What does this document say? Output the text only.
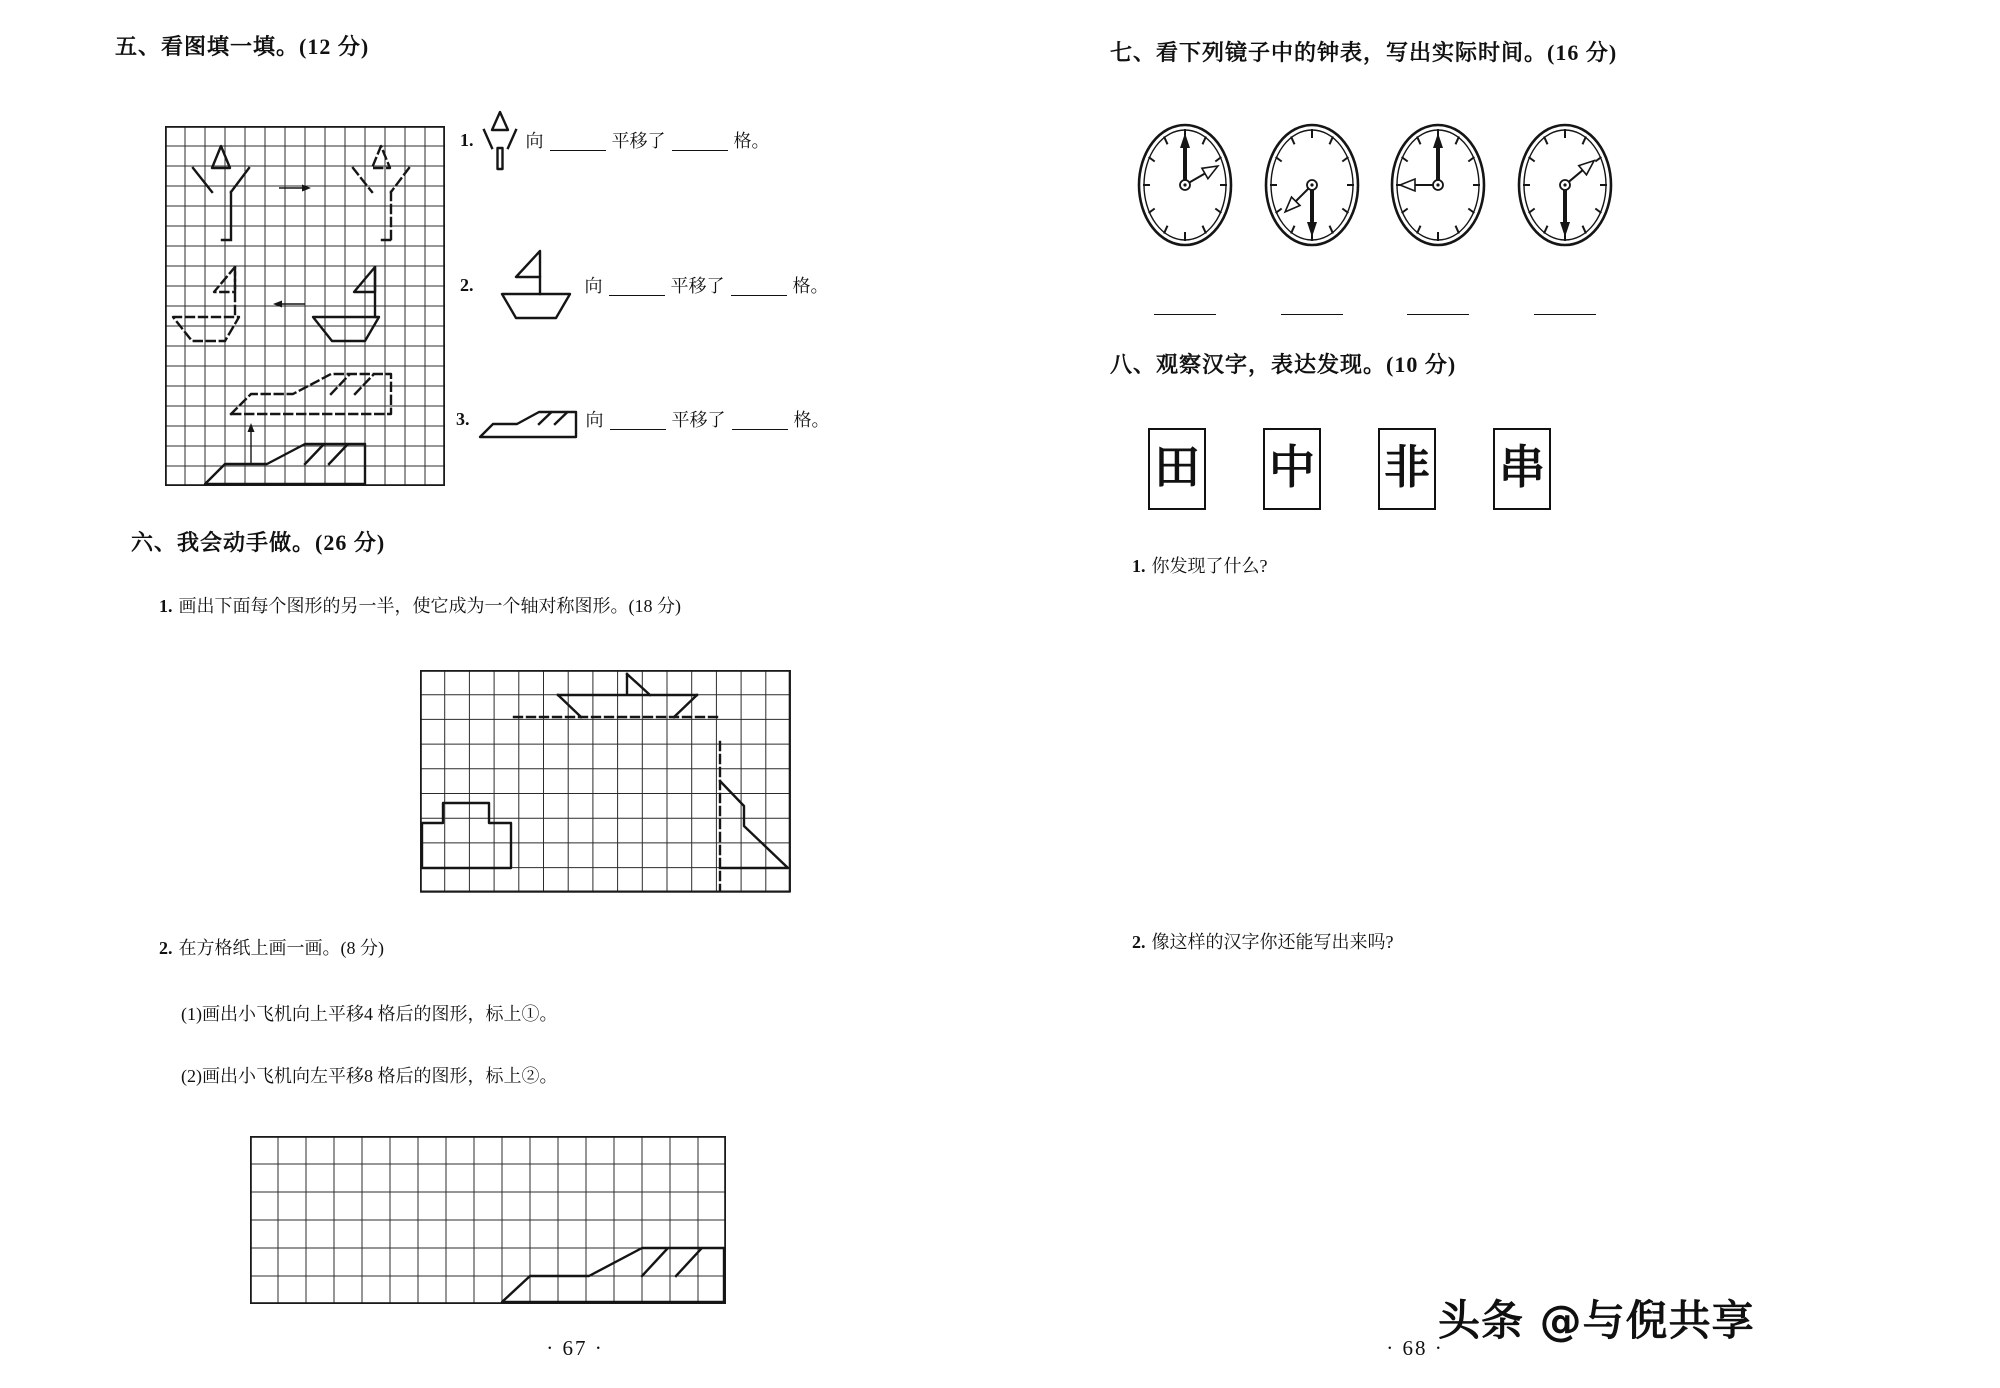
五、看图填一填。(12 分)
1.	向	平移了	格。
2.	向	平移了	格。
3.	向	平移了	格。
六、我会动手做。(26 分)
1. 画出下面每个图形的另一半，使它成为一个轴对称图形。(18 分)
2. 在方格纸上画一画。(8 分)
(1)画出小飞机向上平移4 格后的图形，标上①。
(2)画出小飞机向左平移8 格后的图形，标上②。
· 67 ·
七、看下列镜子中的钟表，写出实际时间。(16 分)
八、观察汉字，表达发现。(10 分)
田 中 非 串
1. 你发现了什么?
2. 像这样的汉字你还能写出来吗?
头条 @与倪共享
· 68 ·
